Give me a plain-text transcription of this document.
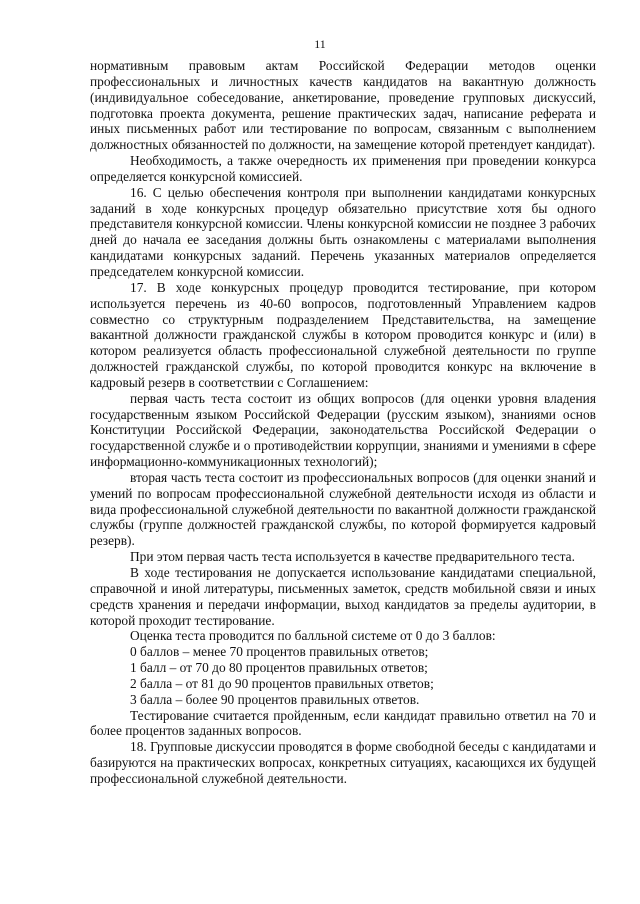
11

нормативным правовым актам Российской Федерации методов оценки профессиональных и личностных качеств кандидатов на вакантную должность (индивидуальное собеседование, анкетирование, проведение групповых дискуссий, подготовка проекта документа, решение практических задач, написание реферата и иных письменных работ или тестирование по вопросам, связанным с выполнением должностных обязанностей по должности, на замещение которой претендует кандидат).

Необходимость, а также очередность их применения при проведении конкурса определяется конкурсной комиссией.

16. С целью обеспечения контроля при выполнении кандидатами конкурсных заданий в ходе конкурсных процедур обязательно присутствие хотя бы одного представителя конкурсной комиссии. Члены конкурсной комиссии не позднее 3 рабочих дней до начала ее заседания должны быть ознакомлены с материалами выполнения кандидатами конкурсных заданий. Перечень указанных материалов определяется председателем конкурсной комиссии.

17. В ходе конкурсных процедур проводится тестирование, при котором используется перечень из 40-60 вопросов, подготовленный Управлением кадров совместно со структурным подразделением Представительства, на замещение вакантной должности гражданской службы в котором проводится конкурс и (или) в котором реализуется область профессиональной служебной деятельности по группе должностей гражданской службы, по которой проводится конкурс на включение в кадровый резерв в соответствии с Соглашением:

первая часть теста состоит из общих вопросов (для оценки уровня владения государственным языком Российской Федерации (русским языком), знаниями основ Конституции Российской Федерации, законодательства Российской Федерации о государственной службе и о противодействии коррупции, знаниями и умениями в сфере информационно-коммуникационных технологий);

вторая часть теста состоит из профессиональных вопросов (для оценки знаний и умений по вопросам профессиональной служебной деятельности исходя из области и вида профессиональной служебной деятельности по вакантной должности гражданской службы (группе должностей гражданской службы, по которой формируется кадровый резерв).

При этом первая часть теста используется в качестве предварительного теста.

В ходе тестирования не допускается использование кандидатами специальной, справочной и иной литературы, письменных заметок, средств мобильной связи и иных средств хранения и передачи информации, выход кандидатов за пределы аудитории, в которой проходит тестирование.

Оценка теста проводится по балльной системе от 0 до 3 баллов:

0 баллов – менее 70 процентов правильных ответов;

1 балл – от 70 до 80 процентов правильных ответов;

2 балла – от 81 до 90 процентов правильных ответов;

3 балла – более 90 процентов правильных ответов.

Тестирование считается пройденным, если кандидат правильно ответил на 70 и более процентов заданных вопросов.

18. Групповые дискуссии проводятся в форме свободной беседы с кандидатами и базируются на практических вопросах, конкретных ситуациях, касающихся их будущей профессиональной служебной деятельности.
